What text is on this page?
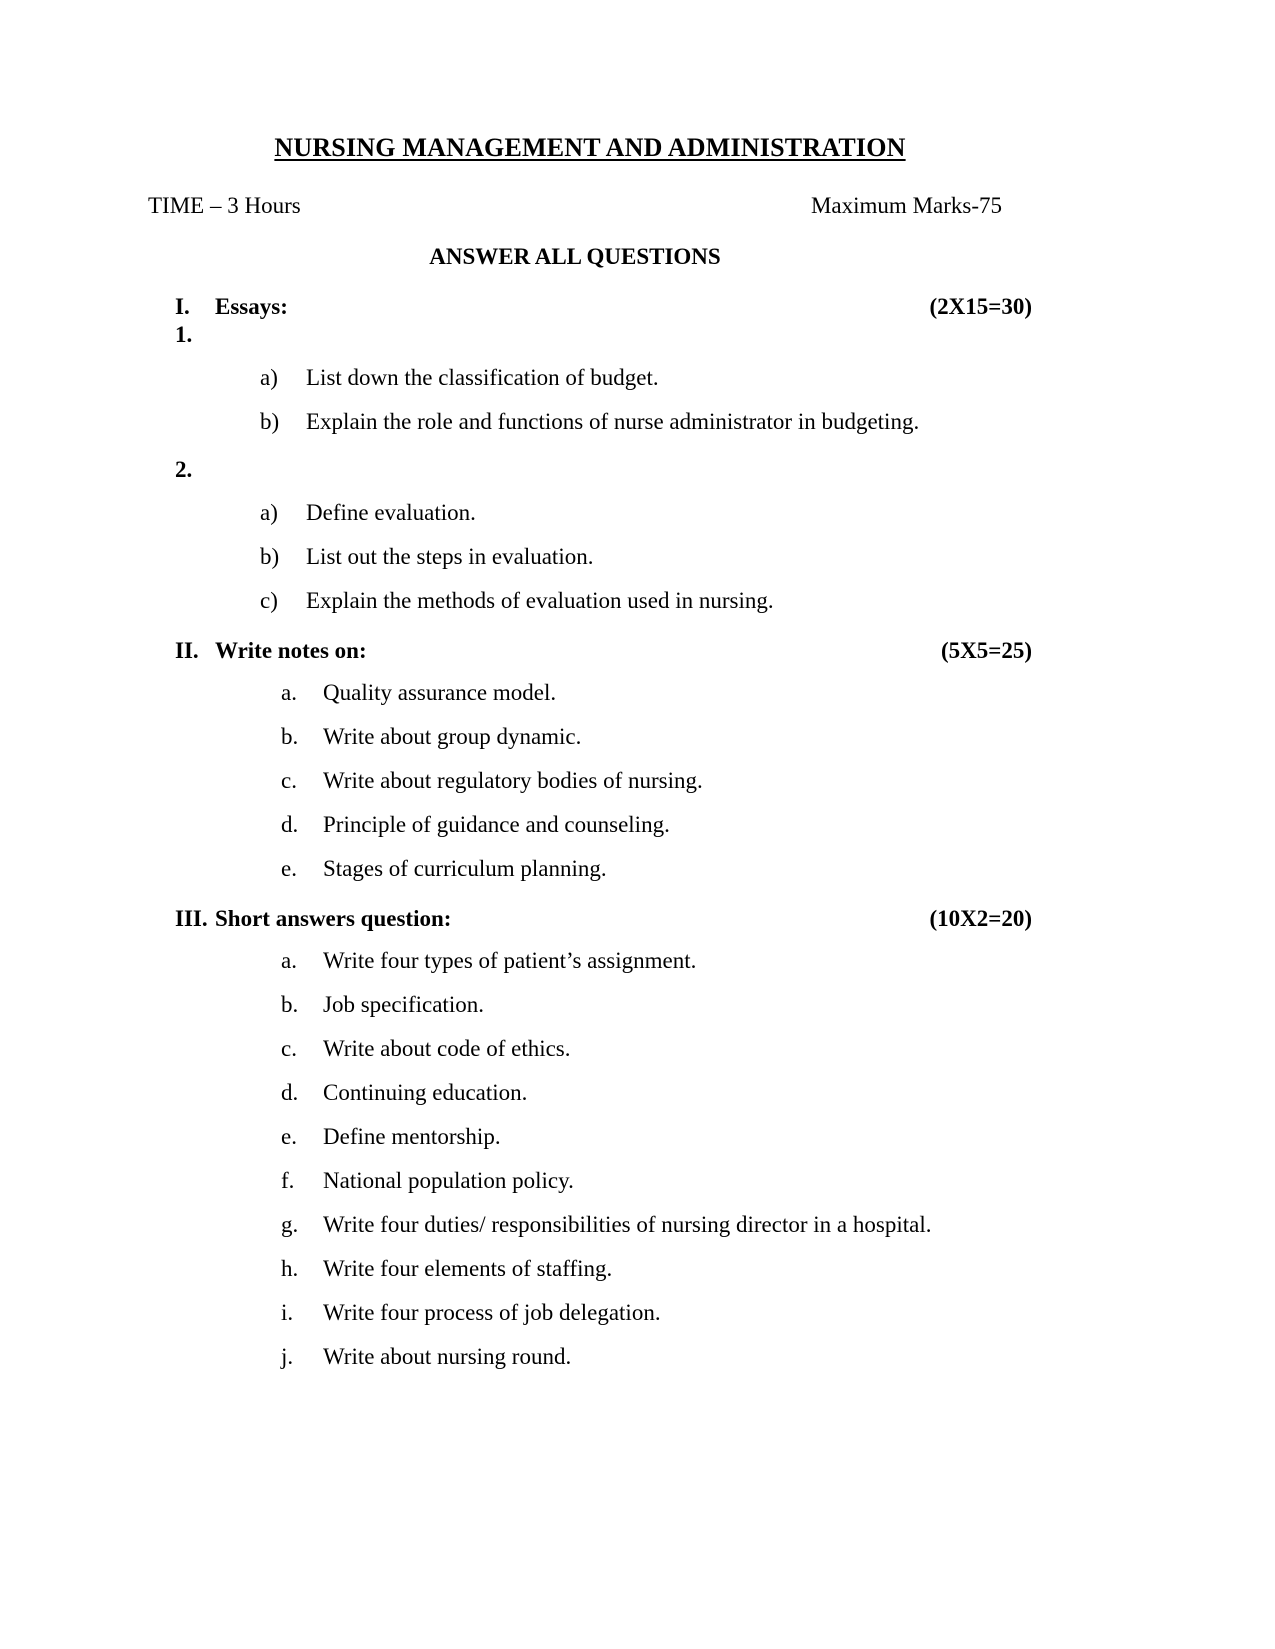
NURSING MANAGEMENT AND ADMINISTRATION
TIME – 3 Hours	Maximum Marks-75
ANSWER ALL QUESTIONS
I.	Essays:	(2X15=30)
1.
a)	List down the classification of budget.
b)	Explain the role and functions of nurse administrator in budgeting.
2.
a)	Define evaluation.
b)	List out the steps in evaluation.
c)	Explain the methods of evaluation used in nursing.
II. Write notes on:	(5X5=25)
a.	Quality assurance model.
b.	Write about group dynamic.
c.	Write about regulatory bodies of nursing.
d.	Principle of guidance and counseling.
e.	Stages of curriculum planning.
III. Short answers question:	(10X2=20)
a.	Write four types of patient’s assignment.
b.	Job specification.
c.	Write about code of ethics.
d.	Continuing education.
e.	Define mentorship.
f.	National population policy.
g.	Write four duties/ responsibilities of nursing director in a hospital.
h.	Write four elements of staffing.
i.	Write four process of job delegation.
j.	Write about nursing round.
